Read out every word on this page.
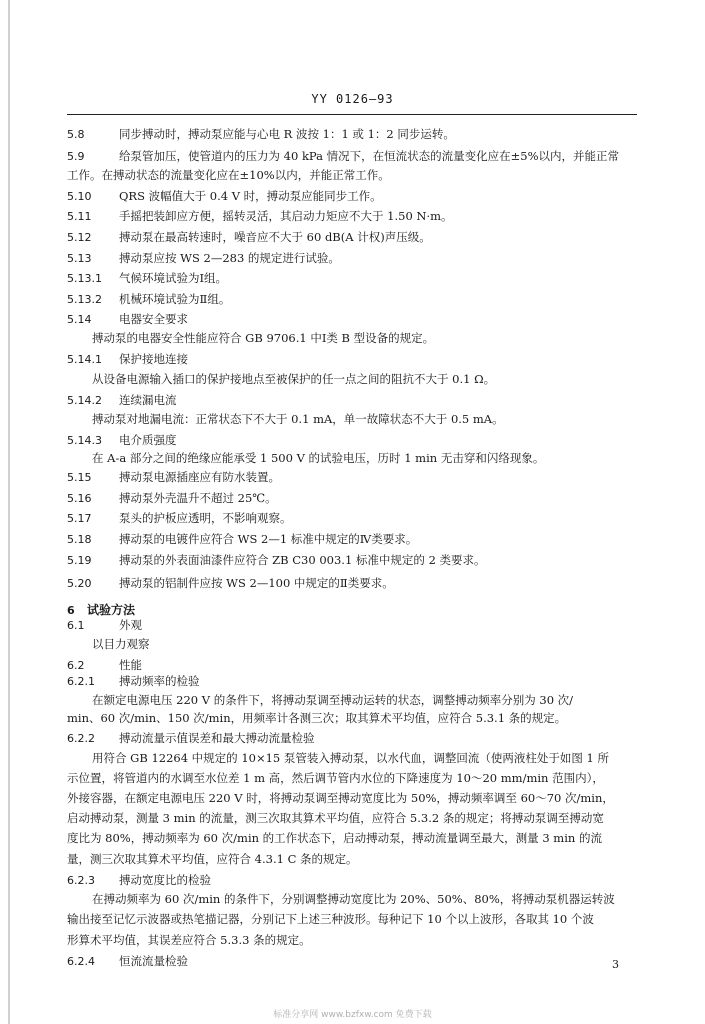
YY 0126—93
5.8	同步搏动时，搏动泵应能与心电 R 波按 1：1 或 1：2 同步运转。
5.9	给泵管加压，使管道内的压力为 40 kPa 情况下，在恒流状态的流量变化应在±5%以内，并能正常
工作。在搏动状态的流量变化应在±10%以内，并能正常工作。
5.10 QRS 波幅值大于 0.4 V 时，搏动泵应能同步工作。
5.11 手摇把装卸应方便，摇转灵活，其启动力矩应不大于 1.50 N·m。
5.12 搏动泵在最高转速时，噪音应不大于 60 dB(A 计权)声压级。
5.13 搏动泵应按 WS 2—283 的规定进行试验。
5.13.1 气候环境试验为Ⅰ组。
5.13.2 机械环境试验为Ⅱ组。
5.14 电器安全要求
搏动泵的电器安全性能应符合 GB 9706.1 中Ⅰ类 B 型设备的规定。
5.14.1 保护接地连接
从设备电源输入插口的保护接地点至被保护的任一点之间的阻抗不大于 0.1 Ω。
5.14.2 连续漏电流
搏动泵对地漏电流：正常状态下不大于 0.1 mA，单一故障状态不大于 0.5 mA。
5.14.3 电介质强度
在 A-a 部分之间的绝缘应能承受 1 500 V 的试验电压，历时 1 min 无击穿和闪络现象。
5.15 搏动泵电源插座应有防水装置。
5.16 搏动泵外壳温升不超过 25℃。
5.17 泵头的护板应透明，不影响观察。
5.18 搏动泵的电镀件应符合 WS 2—1 标准中规定的Ⅳ类要求。
5.19 搏动泵的外表面油漆件应符合 ZB C30 003.1 标准中规定的 2 类要求。
5.20 搏动泵的铝制件应按 WS 2—100 中规定的Ⅱ类要求。
6 试验方法
6.1	外观
以目力观察
6.2	性能
6.2.1 搏动频率的检验
在额定电源电压 220 V 的条件下，将搏动泵调至搏动运转的状态，调整搏动频率分别为 30 次/
min、60 次/min、150 次/min，用频率计各测三次；取其算术平均值，应符合 5.3.1 条的规定。
6.2.2 搏动流量示值误差和最大搏动流量检验
用符合 GB 12264 中规定的 10×15 泵管装入搏动泵，以水代血，调整回流（使两液柱处于如图 1 所
示位置，将管道内的水调至水位差 1 m 高，然后调节管内水位的下降速度为 10～20 mm/min 范围内），
外接容器，在额定电源电压 220 V 时，将搏动泵调至搏动宽度比为 50%，搏动频率调至 60～70 次/min，
启动搏动泵，测量 3 min 的流量，测三次取其算术平均值，应符合 5.3.2 条的规定；将搏动泵调至搏动宽
度比为 80%，搏动频率为 60 次/min 的工作状态下，启动搏动泵，搏动流量调至最大，测量 3 min 的流
量，测三次取其算术平均值，应符合 4.3.1 C 条的规定。
6.2.3 搏动宽度比的检验
在搏动频率为 60 次/min 的条件下，分别调整搏动宽度比为 20%、50%、80%，将搏动泵机器运转波
输出接至记忆示波器或热笔描记器，分别记下上述三种波形。每种记下 10 个以上波形，各取其 10 个波
形算术平均值，其误差应符合 5.3.3 条的规定。
6.2.4 恒流流量检验	3
标准分享网 www.bzfxw.com 免费下载
